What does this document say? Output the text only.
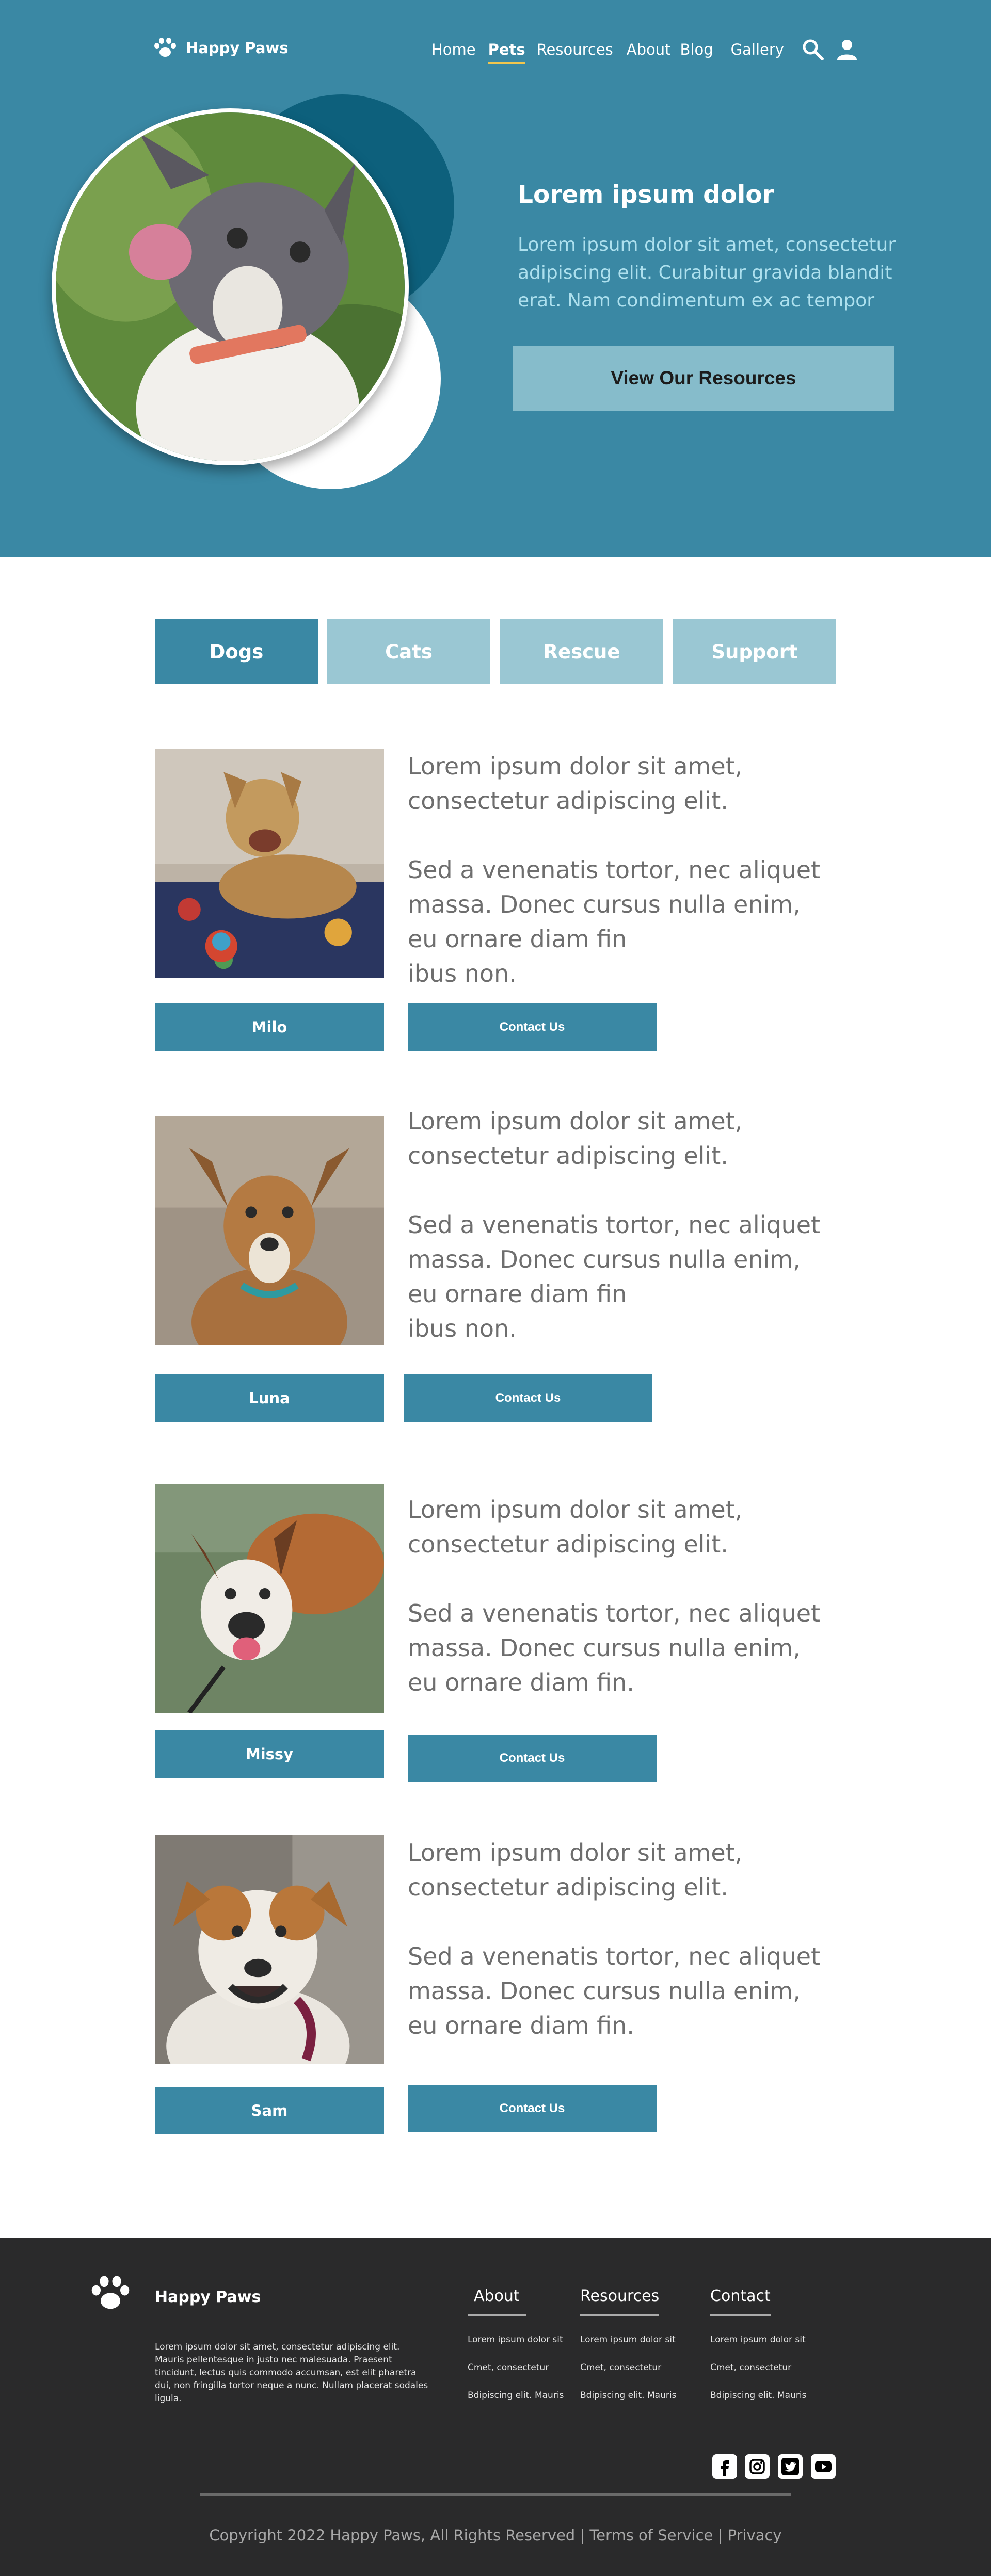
Happy Paws	Home Pets Resources About Blog Gallery
Lorem ipsum dolor

Lorem ipsum dolor sit amet, consectetur adipiscing elit. Curabitur gravida blandit erat. Nam condimentum ex ac tempor

View Our Resources
Dogs	Cats	Rescue	Support

Lorem ipsum dolor sit amet, consectetur adipiscing elit.

Sed a venenatis tortor, nec aliquet massa. Donec cursus nulla enim, eu ornare diam fin
ibus non.

Milo	Contact Us

Lorem ipsum dolor sit amet, consectetur adipiscing elit.

Sed a venenatis tortor, nec aliquet massa. Donec cursus nulla enim, eu ornare diam fin
ibus non.

Luna	Contact Us

Lorem ipsum dolor sit amet, consectetur adipiscing elit.

Sed a venenatis tortor, nec aliquet massa. Donec cursus nulla enim, eu ornare diam fin.

Missy	Contact Us

Lorem ipsum dolor sit amet, consectetur adipiscing elit.

Sed a venenatis tortor, nec aliquet massa. Donec cursus nulla enim, eu ornare diam fin.

Sam	Contact Us
Happy Paws

Lorem ipsum dolor sit amet, consectetur adipiscing elit. Mauris pellentesque in justo nec malesuada. Praesent tincidunt, lectus quis commodo accumsan, est elit pharetra dui, non fringilla tortor neque a nunc. Nullam placerat sodales ligula.

About
Lorem ipsum dolor sit
Cmet, consectetur
Bdipiscing elit. Mauris
Resources
Lorem ipsum dolor sit
Cmet, consectetur
Bdipiscing elit. Mauris
Contact
Lorem ipsum dolor sit
Cmet, consectetur
Bdipiscing elit. Mauris
Copyright 2022 Happy Paws, All Rights Reserved | Terms of Service | Privacy
